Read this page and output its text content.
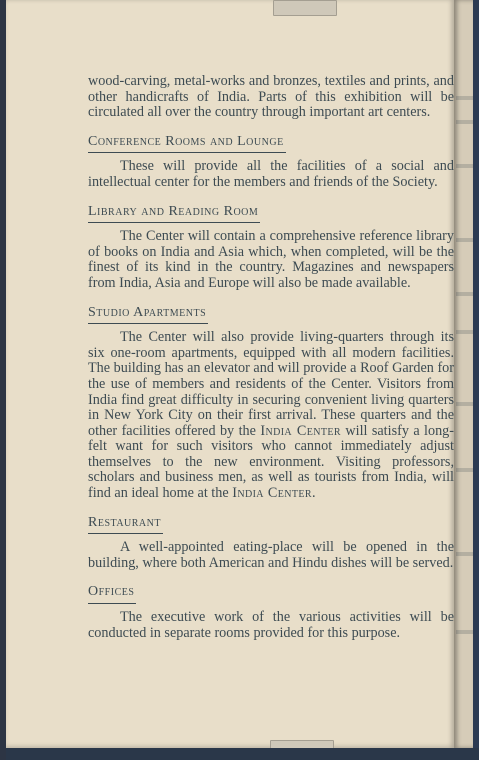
wood-carving, metal-works and bronzes, textiles and prints, and other handicrafts of India. Parts of this exhibition will be circulated all over the country through important art centers.

Conference Rooms and Lounge

These will provide all the facilities of a social and intellectual center for the members and friends of the Society.

Library and Reading Room

The Center will contain a comprehensive reference library of books on India and Asia which, when completed, will be the finest of its kind in the country. Magazines and newspapers from India, Asia and Europe will also be made available.

Studio Apartments

The Center will also provide living-quarters through its six one-room apartments, equipped with all modern facilities. The building has an elevator and will provide a Roof Garden for the use of members and residents of the Center. Visitors from India find great difficulty in securing convenient living quarters in New York City on their first arrival. These quarters and the other facilities offered by the India Center will satisfy a long-felt want for such visitors who cannot immediately adjust themselves to the new environment. Visiting professors, scholars and business men, as well as tourists from India, will find an ideal home at the India Center.

Restaurant

A well-appointed eating-place will be opened in the building, where both American and Hindu dishes will be served.

Offices

The executive work of the various activities will be conducted in separate rooms provided for this purpose.
